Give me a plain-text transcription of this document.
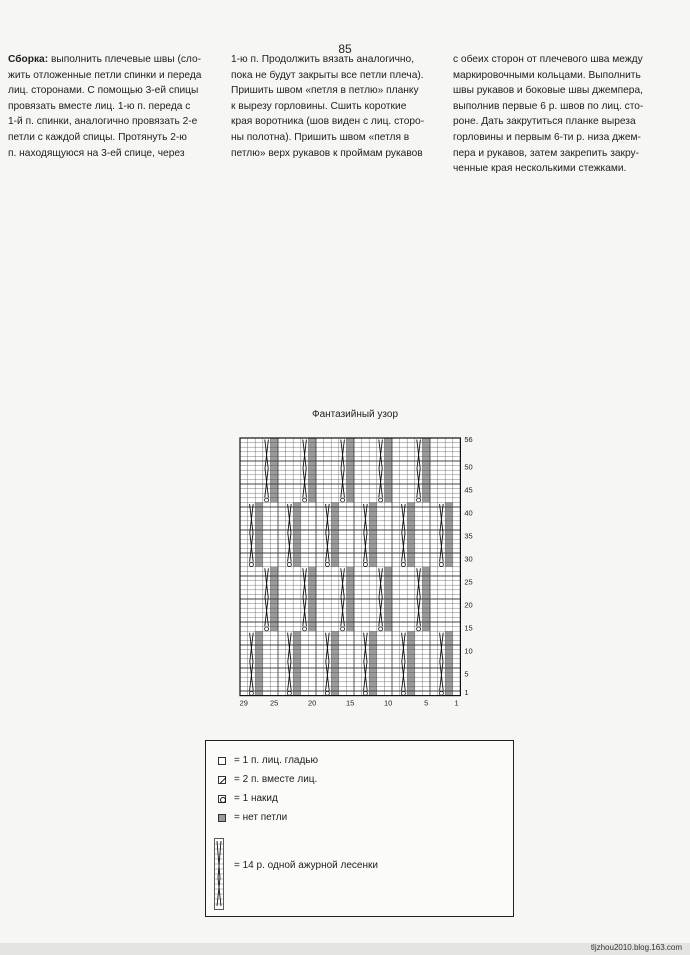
85
Сборка: выполнить плечевые швы (сло-
жить отложенные петли спинки и переда
лиц. сторонами. С помощью 3-ей спицы
провязать вместе лиц. 1-ю п. переда с
1-й п. спинки, аналогично провязать 2-е
петли с каждой спицы. Протянуть 2-ю
п. находящуюся на 3-ей спице, через
1-ю п. Продолжить вязать аналогично,
пока не будут закрыты все петли плеча).
Пришить швом «петля в петлю» планку
к вырезу горловины. Сшить короткие
края воротника (шов виден с лиц. сторо-
ны полотна). Пришить швом «петля в
петлю» верх рукавов к проймам рукавов
с обеих сторон от плечевого шва между
маркировочными кольцами. Выполнить
швы рукавов и боковые швы джемпера,
выполнив первые 6 р. швов по лиц. сто-
роне. Дать закрутиться планке выреза
горловины и первым 6-ти р. низа джем-
пера и рукавов, затем закрепить закру-
ченные края несколькими стежками.
Фантазийный узор
1
5
10
15
20
25
30
35
40
45
50
56
29	25	20	15	10	5	1
= 1 п. лиц. гладью
= 2 п. вместе лиц.
= 1 накид
= нет петли
= 14 р. одной ажурной лесенки
tljzhou2010.blog.163.com
